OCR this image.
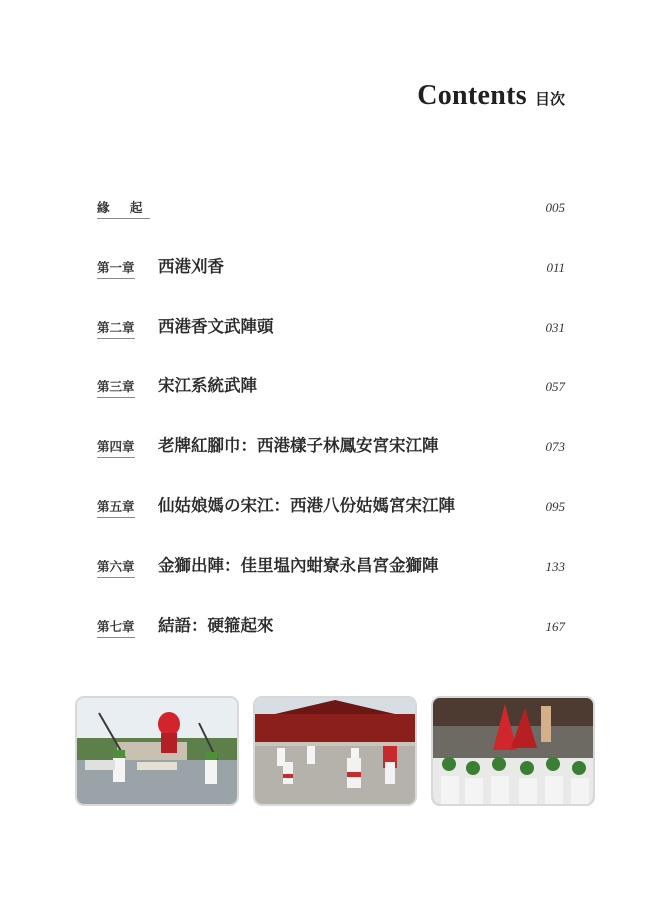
Contents 目次
緣 起	005
第一章 西港刈香	011
第二章 西港香文武陣頭	031
第三章 宋江系統武陣	057
第四章 老牌紅腳巾：西港樣子林鳳安宮宋江陣	073
第五章 仙姑娘媽の宋江：西港八份姑媽宮宋江陣	095
第六章 金獅出陣：佳里塭內蚶寮永昌宮金獅陣	133
第七章 結語：硬箍起來	167
